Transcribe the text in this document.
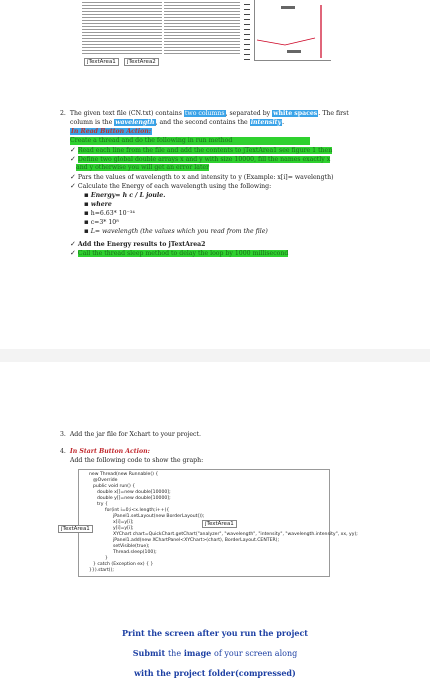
jTextArea1	jTextArea2
2. The given text file (CN.txt) contains two columns, separated by white spaces. The first
column is the wavelength, and the second contains the intensity.
In Read Button Action:
Create a thread and do the following in run method
✓ Read each line from the file and add the contents to jTextArea1 see figure 1 then
✓ Define two global double arrays x and y with size 10000, fill the names exactly x
and y otherwise you will get an error later
✓ Pars the values of wavelength to x and intensity to y (Example: x[i]= wavelength)
✓ Calculate the Energy of each wavelength using the following:
▪ Energy= h c / L joule.
▪ where
▪ h=6.63* 10⁻³⁴
▪ c=3* 10⁸
▪ L= wavelength (the values which you read from the file)
✓ Add the Energy results to jTextArea2
✓ Call the thread sleep method to delay the loop by 1000 millisecond
3. Add the jar file for Xchart to your project.
4. In Start Button Action:
Add the following code to show the graph:
new Thread(new Runnable() {
@Override
public void run() {
double x[]=new double[10000];
double y[]=new double[10000];
try {
for(int i=0;i<x.length;i++){
jPanel1.setLayout(new BorderLayout());
x[i]=y[i];
y[i]=y[i];
XYChart chart=QuickChart.getChart("analyzer", "wavelength", "intensity", "wavelength.intensity", xx, yy);
jPanel1.add(new XChartPanel<XYChart>(chart), BorderLayout.CENTER);
setVisible(true);
Thread.sleep(100);
}
} catch (Exception ex) { }
}}).start();
jTextArea1
jTextArea1
Print the screen after you run the project
Submit the image of your screen along
with the project folder(compressed)
